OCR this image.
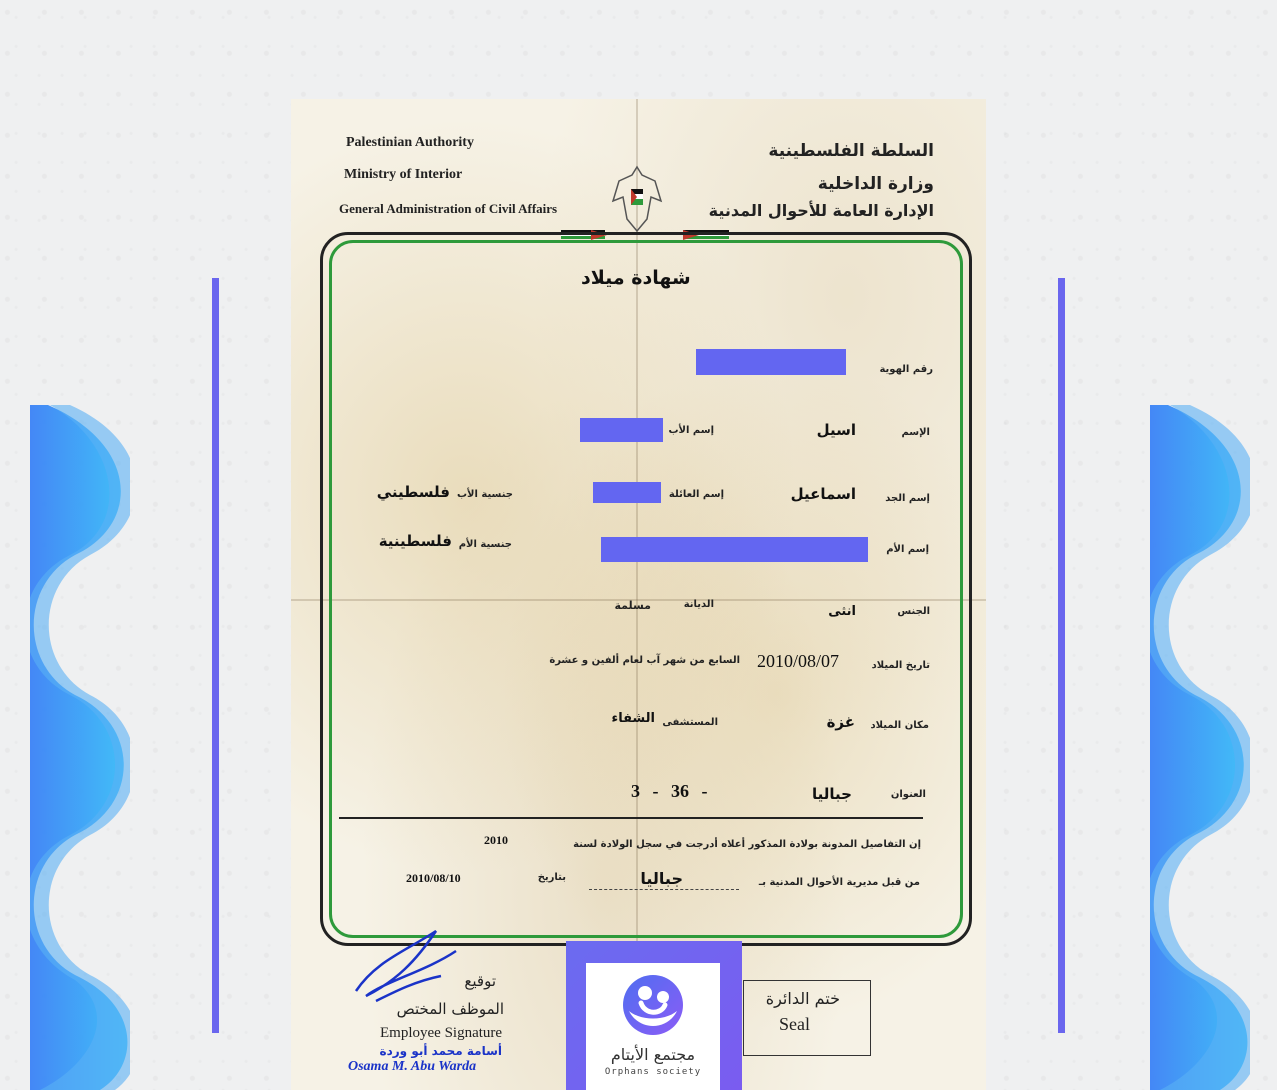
Palestinian Authority
Ministry of Interior
General Administration of Civil Affairs
السلطة الفلسطينية
وزارة الداخلية
الإدارة العامة للأحوال المدنية
شهادة ميلاد
رقم الهوية
الإسم
اسيل
إسم الأب
إسم الجد
اسماعيل
إسم العائلة
جنسية الأب
فلسطيني
إسم الأم
جنسية الأم
فلسطينية
الجنس
انثى
الديانة
مسلمة
تاريخ الميلاد
2010/08/07
السابع من شهر آب لعام ألفين و عشرة
مكان الميلاد
غزة
المستشفى
الشفاء
العنوان
جباليا
3 - 36 -
إن التفاصيل المدونة بولادة المذكور أعلاه أدرجت في سجل الولادة لسنة
2010
من قبل مديرية الأحوال المدنية بـ
جباليا
بتاريخ
2010/08/10
توقيع
الموظف المختص
Employee Signature
أسامة محمد أبو وردة
Osama M. Abu Warda
ختم الدائرة
Seal
مجتمع الأيتام
Orphans society
